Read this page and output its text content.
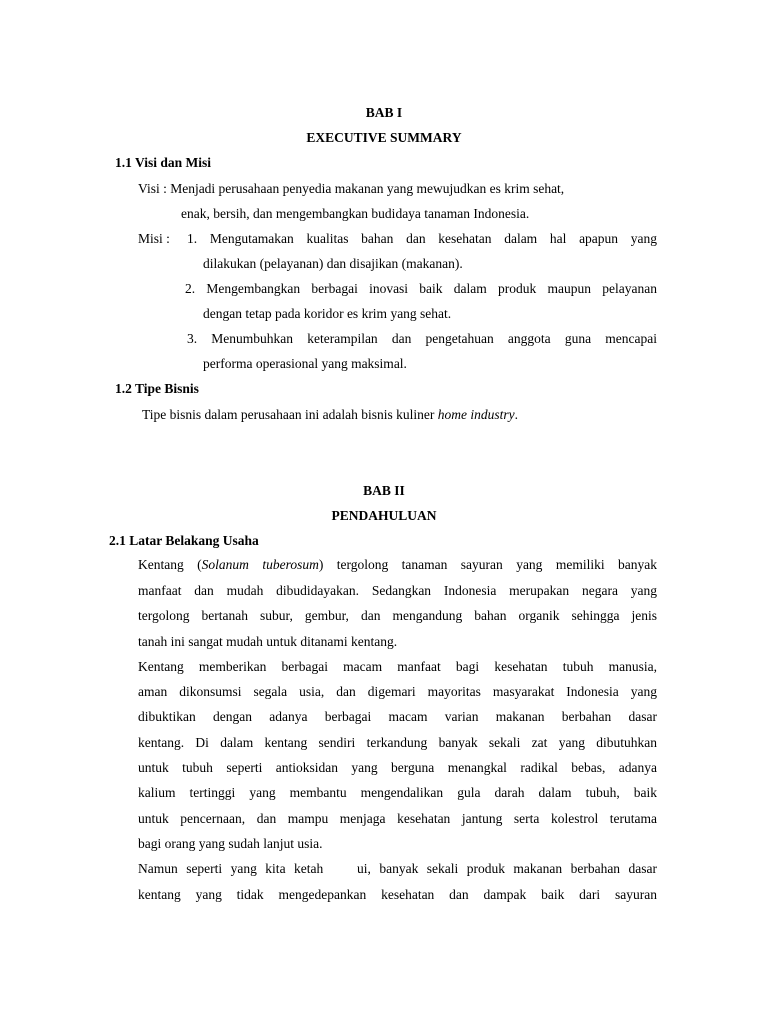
BAB I
EXECUTIVE SUMMARY
1.1 Visi dan Misi
Visi : Menjadi perusahaan penyedia makanan yang mewujudkan es krim sehat,
enak, bersih, dan mengembangkan budidaya tanaman Indonesia.
Misi : 1. Mengutamakan kualitas bahan dan kesehatan dalam hal apapun yang
dilakukan (pelayanan) dan disajikan (makanan).
2. Mengembangkan berbagai inovasi baik dalam produk maupun pelayanan
dengan tetap pada koridor es krim yang sehat.
3. Menumbuhkan keterampilan dan pengetahuan anggota guna mencapai
performa operasional yang maksimal.
1.2 Tipe Bisnis
Tipe bisnis dalam perusahaan ini adalah bisnis kuliner home industry.
BAB II
PENDAHULUAN
2.1 Latar Belakang Usaha
Kentang (Solanum tuberosum) tergolong tanaman sayuran yang memiliki banyak
manfaat dan mudah dibudidayakan. Sedangkan Indonesia merupakan negara yang
tergolong bertanah subur, gembur, dan mengandung bahan organik sehingga jenis
tanah ini sangat mudah untuk ditanami kentang.
Kentang memberikan berbagai macam manfaat bagi kesehatan tubuh manusia,
aman dikonsumsi segala usia, dan digemari mayoritas masyarakat Indonesia yang
dibuktikan dengan adanya berbagai macam varian makanan berbahan dasar
kentang. Di dalam kentang sendiri terkandung banyak sekali zat yang dibutuhkan
untuk tubuh seperti antioksidan yang berguna menangkal radikal bebas, adanya
kalium tertinggi yang membantu mengendalikan gula darah dalam tubuh, baik
untuk pencernaan, dan mampu menjaga kesehatan jantung serta kolestrol terutama
bagi orang yang sudah lanjut usia.
Namun seperti yang kita ketah    ui, banyak sekali produk makanan berbahan dasar
kentang yang tidak mengedepankan kesehatan dan dampak baik dari sayuran
